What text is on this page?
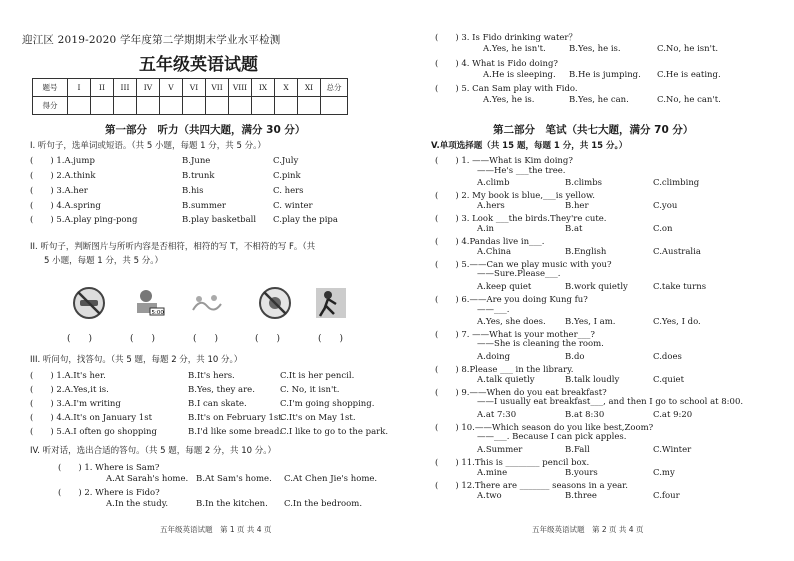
迎江区 2019-2020 学年度第二学期期末学业水平检测
五年级英语试题
题号	I	II	III	IV	V	VI	VII	VIII	IX	X	XI	总分
得分												
第一部分　听力（共四大题，满分 30 分）
I. 听句子，选单词或短语。（共 5 小题，每题 1 分，共 5 分。）
(　　) 1.A.jump	B.June	C.July
(　　) 2.A.think	B.trunk	C.pink
(　　) 3.A.her	B.his	C. hers
(　　) 4.A.spring	B.summer	C. winter
(　　) 5.A.play ping-pong	B.play basketball C.play the pipa
II. 听句子，判断图片与所听内容是否相符，相符的写 T，不相符的写 F。（共
5 小题，每题 1 分，共 5 分。）
5:00
(　　)	(　　)	(　　)	(　　)	(　　)
III. 听问句，找答句。（共 5 题，每题 2 分，共 10 分。）
(　　) 1.A.It's her.	B.It's hers.	C.It is her pencil.
(　　) 2.A.Yes,it is.	B.Yes, they are.	C. No, it isn't.
(　　) 3.A.I'm writing	B.I can skate.	C.I'm going shopping.
(　　) 4.A.It's on January 1st	B.It's on February 1st.
C.It's on May 1st.
(　　) 5.A.I often go shopping	B.I'd like some bread.
C.I like to go to the park.
IV. 听对话，选出合适的答句。（共 5 题，每题 2 分，共 10 分。）
(　　) 1. Where is Sam?
A.At Sarah's home. B.At Sam's home. C.At Chen Jie's home.
(　　) 2. Where is Fido?
A.In the study.	B.In the kitchen. C.In the bedroom.
五年级英语试题　第 1 页 共 4 页
(　　) 3. Is Fido drinking water？
A.Yes, he isn't.	B.Yes, he is.	C.No, he isn't.
(　　) 4. What is Fido doing?
A.He is sleeping. B.He is jumping. C.He is eating.
(　　) 5. Can Sam play with Fido.
A.Yes, he is.	B.Yes, he can.	C.No, he can't.
第二部分　笔试（共七大题，满分 70 分）
V.单项选择题（共 15 题，每题 1 分，共 15 分。）
(　　) 1. ——What is Kim doing?
——He's ___the tree.
A.climb	B.climbs	C.climbing
(　　) 2. My book is blue,___is yellow.
A.hers	B.her	C.you
(　　) 3. Look ___the birds.They're cute.
A.in	B.at	C.on
(　　) 4.Pandas live in___.
A.China	B.English	C.Australia
(　　) 5.——Can we play music with you?
——Sure.Please___.
A.keep quiet	B.work quietly	C.take turns
(　　) 6.——Are you doing Kung fu?
——___.
A.Yes, she does. B.Yes, I am.	C.Yes, I do.
(　　) 7. ——What is your mother___?
——She is cleaning the room.
A.doing	B.do	C.does
(　　) 8.Please ___ in the library.
A.talk quietly	B.talk loudly	C.quiet
(　　) 9.——When do you eat breakfast?
——I usually eat breakfast___, and then I go to school at 8:00.
A.at 7:30	B.at 8:30	C.at 9:20
(　　) 10.——Which season do you like best,Zoom?
——___. Because I can pick apples.
A.Summer	B.Fall	C.Winter
(　　) 11.This is ________ pencil box.
A.mine	B.yours	C.my
(　　) 12.There are _______ seasons in a year.
A.two	B.three	C.four
五年级英语试题　第 2 页 共 4 页
